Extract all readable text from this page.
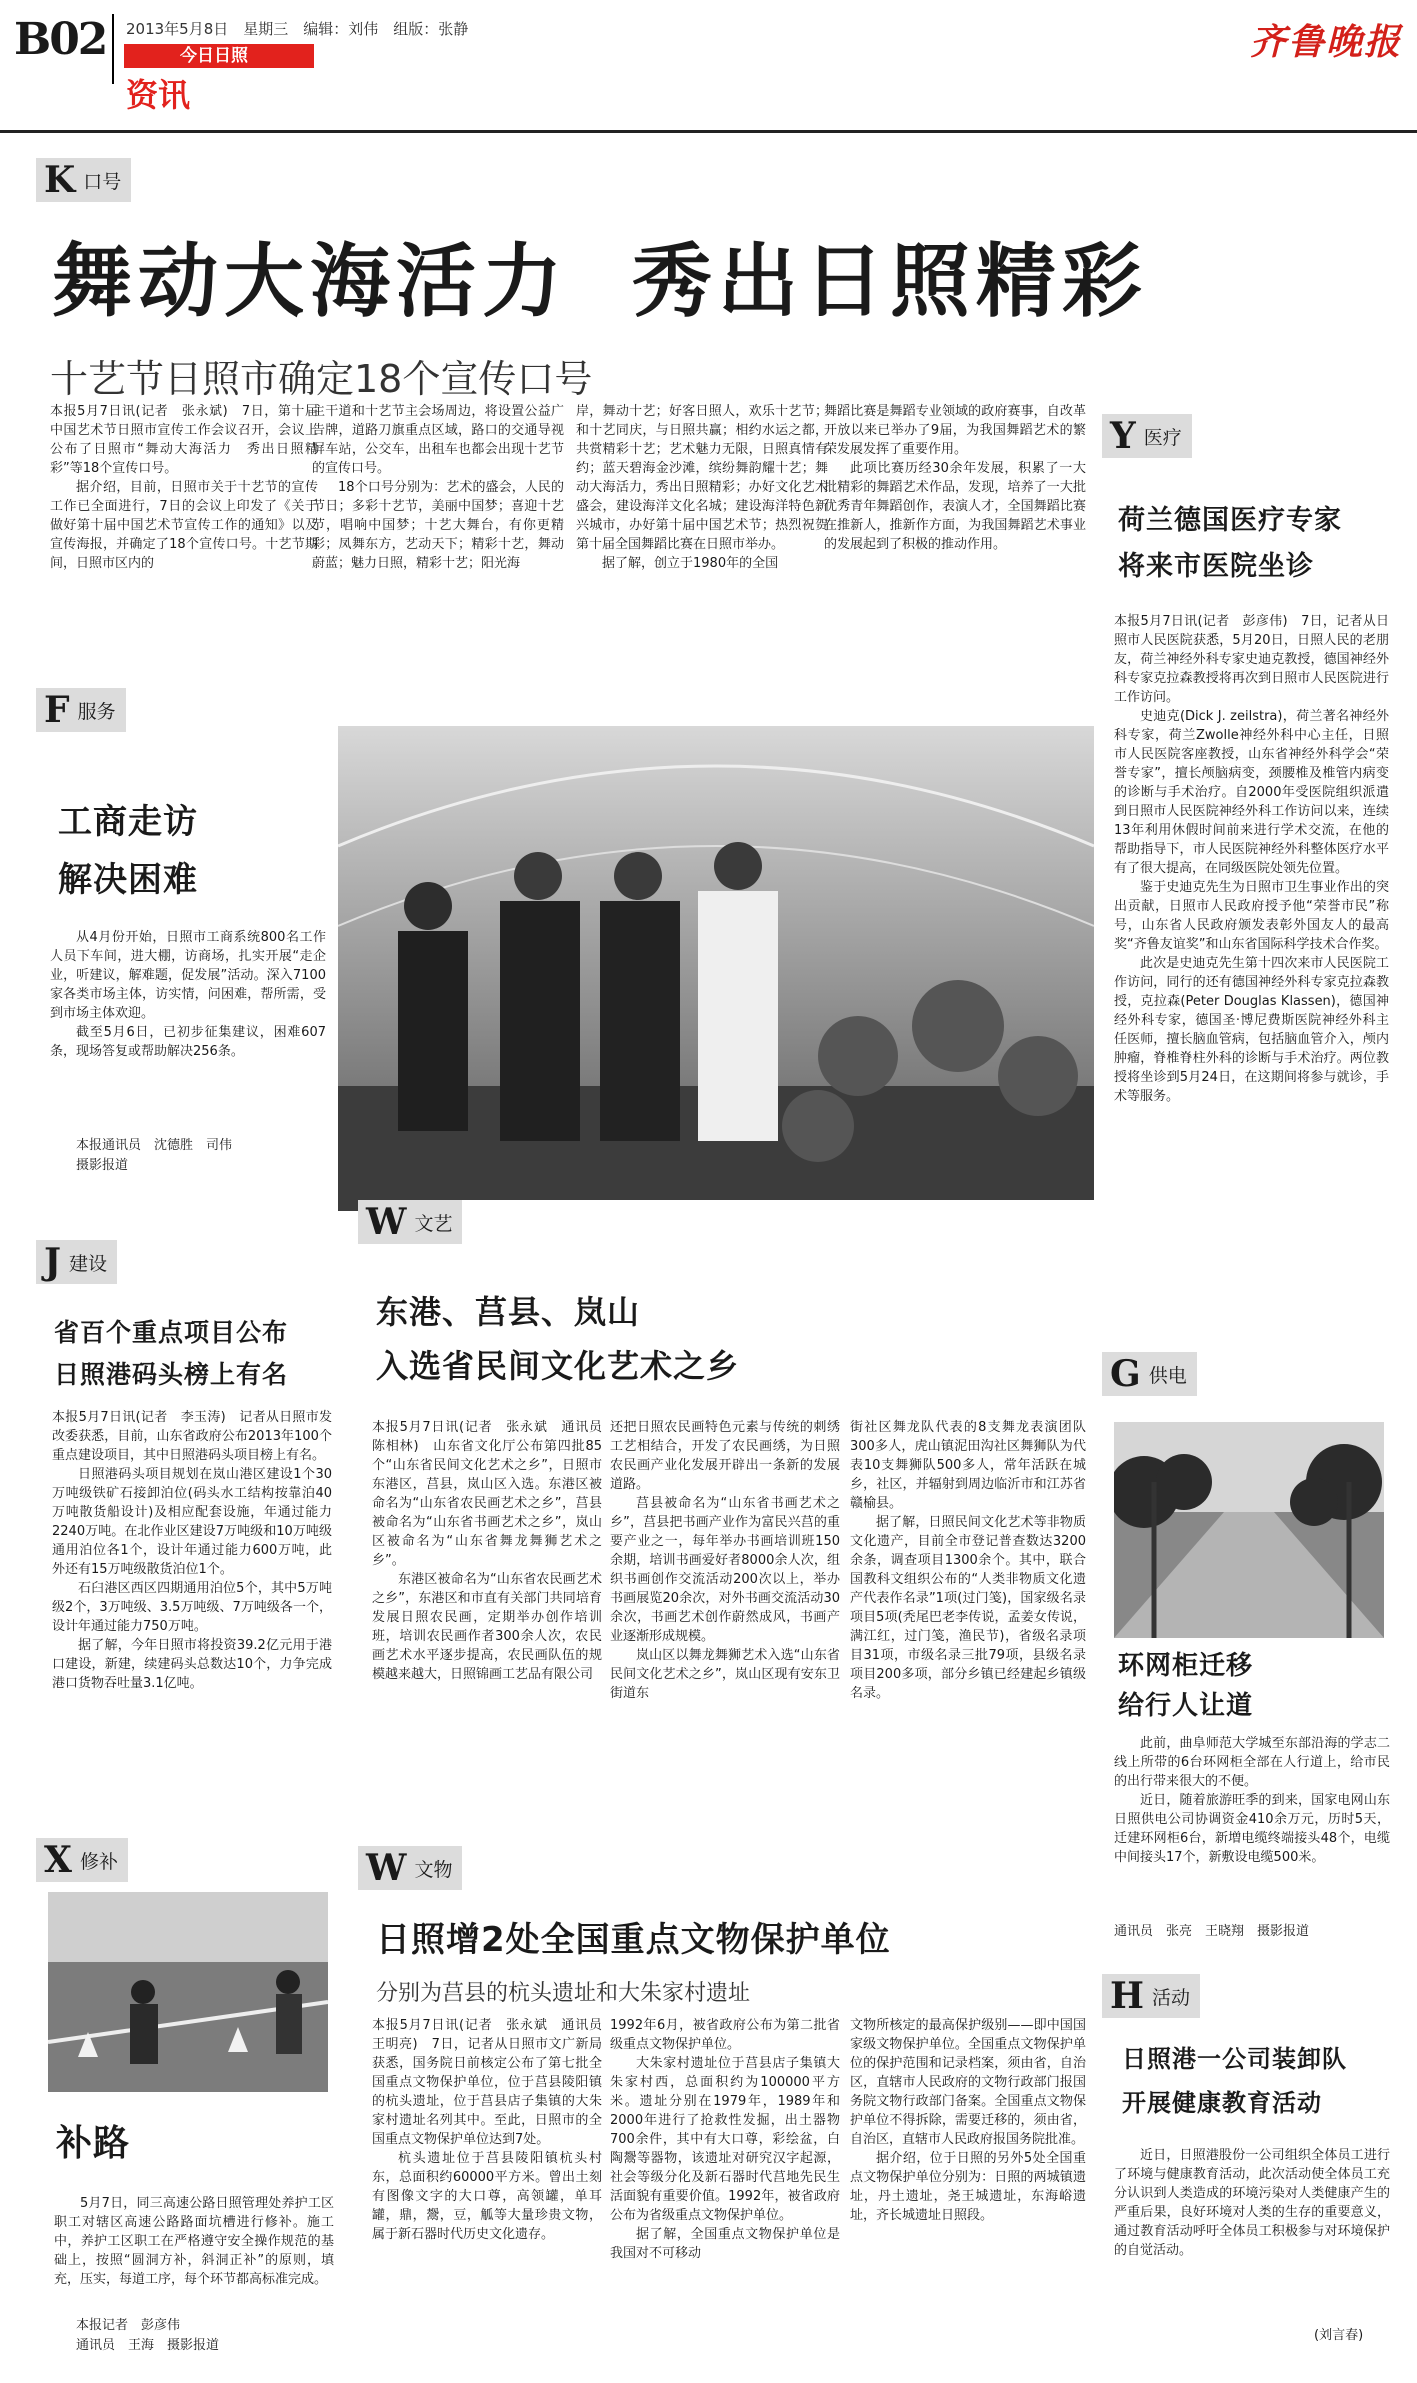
B02 2013年5月8日　星期三　编辑：刘伟　组版：张静
今日日照
资讯
齐鲁晚报
K 口号
舞动大海活力 秀出日照精彩
十艺节日照市确定18个宣传口号

本报5月7日讯(记者　张永斌)　7日，第十届中国艺术节日照市宣传工作会议召开，会议上公布了日照市“舞动大海活力　秀出日照精彩”等18个宣传口号。

据介绍，目前，日照市关于十艺节的宣传工作已全面进行，7日的会议上印发了《关于做好第十届中国艺术节宣传工作的通知》以及宣传海报，并确定了18个宣传口号。十艺节期间，日照市区内的

主干道和十艺节主会场周边，将设置公益广告牌，道路刀旗重点区域，路口的交通导视屏车站，公交车，出租车也都会出现十艺节的宣传口号。

18个口号分别为：艺术的盛会，人民的节日；多彩十艺节，美丽中国梦；喜迎十艺节，唱响中国梦；十艺大舞台，有你更精彩；凤舞东方，艺动天下；精彩十艺，舞动蔚蓝；魅力日照，精彩十艺；阳光海

岸，舞动十艺；好客日照人，欢乐十艺节；和十艺同庆，与日照共赢；相约水运之都，共赏精彩十艺；艺术魅力无限，日照真情有约；蓝天碧海金沙滩，缤纷舞韵耀十艺；舞动大海活力，秀出日照精彩；办好文化艺术盛会，建设海洋文化名城；建设海洋特色新兴城市，办好第十届中国艺术节；热烈祝贺第十届全国舞蹈比赛在日照市举办。

据了解，创立于1980年的全国

舞蹈比赛是舞蹈专业领域的政府赛事，自改革开放以来已举办了9届，为我国舞蹈艺术的繁荣发展发挥了重要作用。

此项比赛历经30余年发展，积累了一大批精彩的舞蹈艺术作品，发现，培养了一大批优秀青年舞蹈创作，表演人才，全国舞蹈比赛在推新人，推新作方面，为我国舞蹈艺术事业的发展起到了积极的推动作用。

Y 医疗
荷兰德国医疗专家
将来市医院坐诊

本报5月7日讯(记者　彭彦伟)　7日，记者从日照市人民医院获悉，5月20日，日照人民的老朋友，荷兰神经外科专家史迪克教授，德国神经外科专家克拉森教授将再次到日照市人民医院进行工作访问。

史迪克(Dick J. zeilstra)，荷兰著名神经外科专家，荷兰Zwolle神经外科中心主任，日照市人民医院客座教授，山东省神经外科学会“荣誉专家”，擅长颅脑病变，颈腰椎及椎管内病变的诊断与手术治疗。自2000年受医院组织派遣到日照市人民医院神经外科工作访问以来，连续13年利用休假时间前来进行学术交流，在他的帮助指导下，市人民医院神经外科整体医疗水平有了很大提高，在同级医院处领先位置。

鉴于史迪克先生为日照市卫生事业作出的突出贡献，日照市人民政府授予他“荣誉市民”称号，山东省人民政府颁发表彰外国友人的最高奖“齐鲁友谊奖”和山东省国际科学技术合作奖。

此次是史迪克先生第十四次来市人民医院工作访问，同行的还有德国神经外科专家克拉森教授，克拉森(Peter Douglas Klassen)，德国神经外科专家，德国圣·博尼费斯医院神经外科主任医师，擅长脑血管病，包括脑血管介入，颅内肿瘤，脊椎脊柱外科的诊断与手术治疗。两位教授将坐诊到5月24日，在这期间将参与就诊，手术等服务。

F 服务
工商走访
解决困难

从4月份开始，日照市工商系统800名工作人员下车间，进大棚，访商场，扎实开展“走企业，听建议，解难题，促发展”活动。深入7100家各类市场主体，访实情，问困难，帮所需，受到市场主体欢迎。

截至5月6日，已初步征集建议，困难607条，现场答复或帮助解决256条。

本报通讯员　沈德胜　司伟
摄影报道
J 建设
省百个重点项目公布
日照港码头榜上有名

本报5月7日讯(记者　李玉涛)　记者从日照市发改委获悉，目前，山东省政府公布2013年100个重点建设项目，其中日照港码头项目榜上有名。

日照港码头项目规划在岚山港区建设1个30万吨级铁矿石接卸泊位(码头水工结构按靠泊40万吨散货船设计)及相应配套设施，年通过能力2240万吨。在北作业区建设7万吨级和10万吨级通用泊位各1个，设计年通过能力600万吨，此外还有15万吨级散货泊位1个。

石臼港区西区四期通用泊位5个，其中5万吨级2个，3万吨级、3.5万吨级、7万吨级各一个，设计年通过能力750万吨。

据了解，今年日照市将投资39.2亿元用于港口建设，新建，续建码头总数达10个，力争完成港口货物吞吐量3.1亿吨。

W 文艺
东港、莒县、岚山
入选省民间文化艺术之乡

本报5月7日讯(记者　张永斌　通讯员　陈相林)　山东省文化厅公布第四批85个“山东省民间文化艺术之乡”，日照市东港区，莒县，岚山区入选。东港区被命名为“山东省农民画艺术之乡”，莒县被命名为“山东省书画艺术之乡”，岚山区被命名为“山东省舞龙舞狮艺术之乡”。

东港区被命名为“山东省农民画艺术之乡”，东港区和市直有关部门共同培育发展日照农民画，定期举办创作培训班，培训农民画作者300余人次，农民画艺术水平逐步提高，农民画队伍的规模越来越大，日照锦画工艺品有限公司

还把日照农民画特色元素与传统的刺绣工艺相结合，开发了农民画绣，为日照农民画产业化发展开辟出一条新的发展道路。

莒县被命名为“山东省书画艺术之乡”，莒县把书画产业作为富民兴莒的重要产业之一，每年举办书画培训班150余期，培训书画爱好者8000余人次，组织书画创作交流活动200次以上，举办书画展览20余次，对外书画交流活动30余次，书画艺术创作蔚然成风，书画产业逐渐形成规模。

岚山区以舞龙舞狮艺术入选“山东省民间文化艺术之乡”，岚山区现有安东卫街道东

街社区舞龙队代表的8支舞龙表演团队300多人，虎山镇泥田沟社区舞狮队为代表10支舞狮队500多人，常年活跃在城乡，社区，并辐射到周边临沂市和江苏省赣榆县。

据了解，日照民间文化艺术等非物质文化遗产，目前全市登记普查数达3200余条，调查项目1300余个。其中，联合国教科文组织公布的“人类非物质文化遗产代表作名录”1项(过门笺)，国家级名录项目5项(秃尾巴老李传说，孟姜女传说，满江红，过门笺，渔民节)，省级名录项目31项，市级名录三批79项，县级名录项目200多项，部分乡镇已经建起乡镇级名录。

G 供电
环网柜迁移
给行人让道

此前，曲阜师范大学城至东部沿海的学志二线上所带的6台环网柜全部在人行道上，给市民的出行带来很大的不便。

近日，随着旅游旺季的到来，国家电网山东日照供电公司协调资金410余万元，历时5天，迁建环网柜6台，新増电缆终端接头48个，电缆中间接头17个，新敷设电缆500米。

通讯员　张亮　王晓翔　摄影报道
X 修补
补路

5月7日，同三高速公路日照管理处养护工区职工对辖区高速公路路面坑槽进行修补。施工中，养护工区职工在严格遵守安全操作规范的基础上，按照“圆洞方补，斜洞正补”的原则，填充，压实，每道工序，每个环节都高标准完成。

本报记者　彭彦伟
通讯员　王海　摄影报道
W 文物
日照增2处全国重点文物保护单位
分别为莒县的杭头遗址和大朱家村遗址

本报5月7日讯(记者　张永斌　通讯员　王明亮)　7日，记者从日照市文广新局获悉，国务院日前核定公布了第七批全国重点文物保护单位，位于莒县陵阳镇的杭头遗址，位于莒县店子集镇的大朱家村遗址名列其中。至此，日照市的全国重点文物保护单位达到7处。

杭头遗址位于莒县陵阳镇杭头村东，总面积约60000平方米。曾出土刻有图像文字的大口尊，高领罐，单耳罐，鼎，鬶，豆，觚等大量珍贵文物，属于新石器时代历史文化遗存。

1992年6月，被省政府公布为第二批省级重点文物保护单位。

大朱家村遗址位于莒县店子集镇大朱家村西，总面积约为100000平方米。遗址分别在1979年，1989年和2000年进行了抢救性发掘，出土器物700余件，其中有大口尊，彩绘盆，白陶鬶等器物，该遗址对研究汉字起源，社会等级分化及新石器时代莒地先民生活面貌有重要价值。1992年，被省政府公布为省级重点文物保护单位。

据了解，全国重点文物保护单位是我国对不可移动

文物所核定的最高保护级别——即中国国家级文物保护单位。全国重点文物保护单位的保护范围和记录档案，须由省，自治区，直辖市人民政府的文物行政部门报国务院文物行政部门备案。全国重点文物保护单位不得拆除，需要迁移的，须由省，自治区，直辖市人民政府报国务院批准。

据介绍，位于日照的另外5处全国重点文物保护单位分别为：日照的两城镇遗址，丹土遗址，尧王城遗址，东海峪遗址，齐长城遗址日照段。

H 活动
日照港一公司装卸队
开展健康教育活动

近日，日照港股份一公司组织全体员工进行了环境与健康教育活动，此次活动使全体员工充分认识到人类造成的环境污染对人类健康产生的严重后果，良好环境对人类的生存的重要意义，通过教育活动呼吁全体员工积极参与对环境保护的自觉活动。

(刘言春)
